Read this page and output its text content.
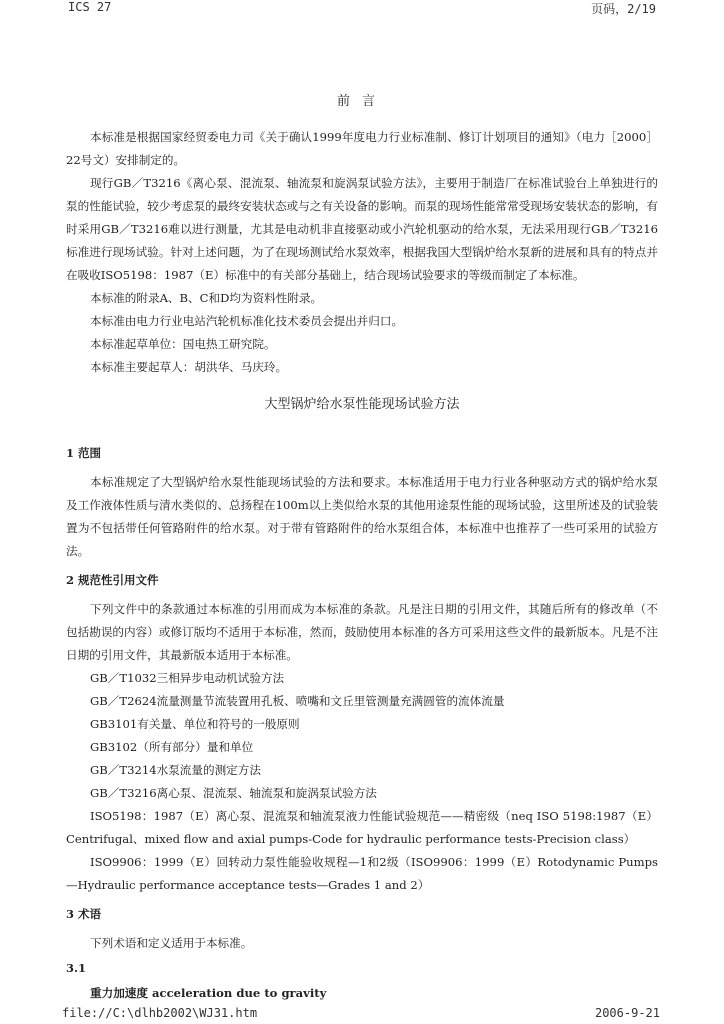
ICS 27	页码，2/19
前言

本标准是根据国家经贸委电力司《关于确认1999年度电力行业标准制、修订计划项目的通知》（电力［2000］22号文）安排制定的。

现行GB／T3216《离心泵、混流泵、轴流泵和旋涡泵试验方法》，主要用于制造厂在标准试验台上单独进行的泵的性能试验，较少考虑泵的最终安装状态或与之有关设备的影响。而泵的现场性能常常受现场安装状态的影响，有时采用GB／T3216难以进行测量，尤其是电动机非直接驱动或小汽轮机驱动的给水泵，无法采用现行GB／T3216标准进行现场试验。针对上述问题，为了在现场测试给水泵效率，根据我国大型锅炉给水泵新的进展和具有的特点并在吸收ISO5198：1987（E）标准中的有关部分基础上，结合现场试验要求的等级而制定了本标准。

本标准的附录A、B、C和D均为资料性附录。

本标准由电力行业电站汽轮机标准化技术委员会提出并归口。

本标准起草单位：国电热工研究院。

本标准主要起草人：胡洪华、马庆玲。

大型锅炉给水泵性能现场试验方法
1 范围

本标准规定了大型锅炉给水泵性能现场试验的方法和要求。本标准适用于电力行业各种驱动方式的锅炉给水泵及工作液体性质与清水类似的、总扬程在100m以上类似给水泵的其他用途泵性能的现场试验，这里所述及的试验装置为不包括带任何管路附件的给水泵。对于带有管路附件的给水泵组合体，本标准中也推荐了一些可采用的试验方法。

2 规范性引用文件

下列文件中的条款通过本标准的引用而成为本标准的条款。凡是注日期的引用文件，其随后所有的修改单（不包括勘误的内容）或修订版均不适用于本标准，然而，鼓励使用本标准的各方可采用这些文件的最新版本。凡是不注日期的引用文件，其最新版本适用于本标准。

GB／T1032三相异步电动机试验方法

GB／T2624流量测量节流装置用孔板、喷嘴和文丘里管测量充满圆管的流体流量

GB3101有关量、单位和符号的一般原则

GB3102（所有部分）量和单位

GB／T3214水泵流量的测定方法

GB／T3216离心泵、混流泵、轴流泵和旋涡泵试验方法

ISO5198：1987（E）离心泵、混流泵和轴流泵液力性能试验规范——精密级（neq ISO 5198:1987（E）Centrifugal、mixed flow and axial pumps-Code for hydraulic performance tests-Precision class）

ISO9906：1999（E）回转动力泵性能验收规程—1和2级（ISO9906：1999（E）Rotodynamic Pumps—Hydraulic performance acceptance tests—Grades 1 and 2）

3 术语

下列术语和定义适用于本标准。

3.1

重力加速度 acceleration due to gravity

file://C:\dlhb2002\WJ31.htm	2006-9-21
